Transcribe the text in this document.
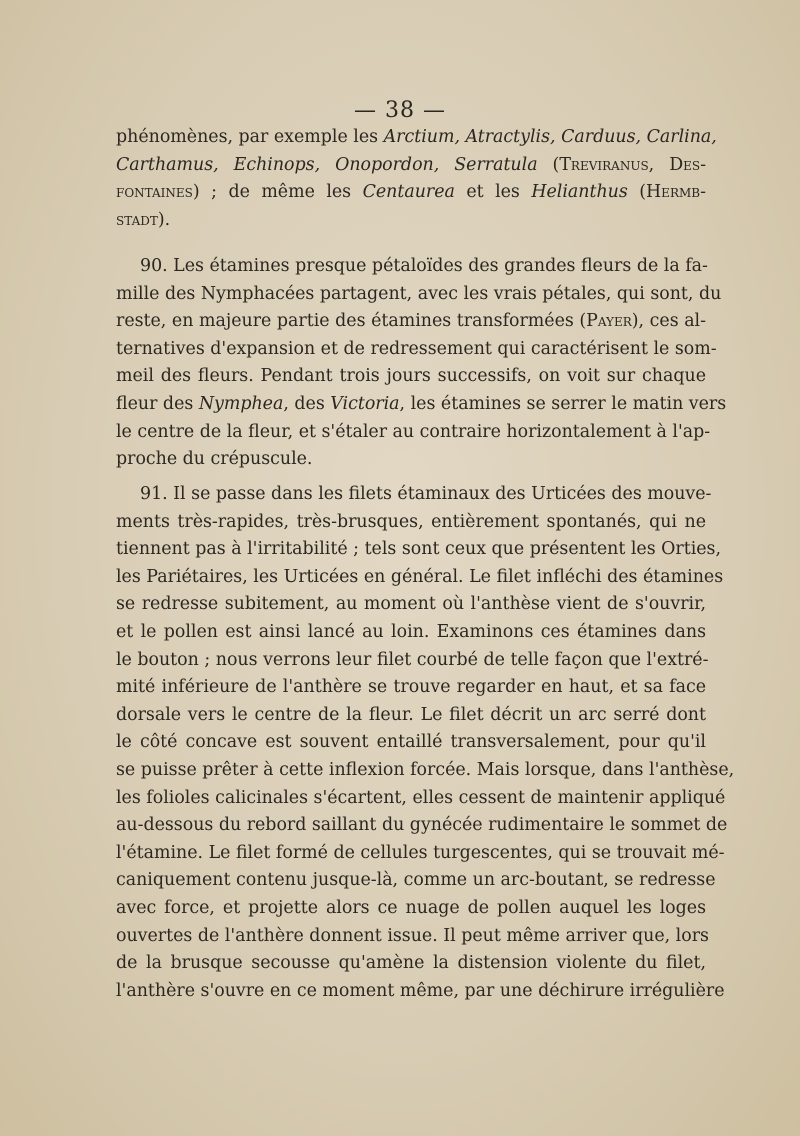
— 38 —
phénomènes, par exemple les Arctium, Atractylis, Carduus, Carlina,
Carthamus, Echinops, Onopordon, Serratula (Treviranus, Des-
fontaines) ; de même les Centaurea et les Helianthus (Hermb-
stadt).
90. Les étamines presque pétaloïdes des grandes fleurs de la fa-
mille des Nymphacées partagent, avec les vrais pétales, qui sont, du
reste, en majeure partie des étamines transformées (Payer), ces al-
ternatives d'expansion et de redressement qui caractérisent le som-
meil des fleurs. Pendant trois jours successifs, on voit sur chaque
fleur des Nymphea, des Victoria, les étamines se serrer le matin vers
le centre de la fleur, et s'étaler au contraire horizontalement à l'ap-
proche du crépuscule.
91. Il se passe dans les filets étaminaux des Urticées des mouve-
ments très-rapides, très-brusques, entièrement spontanés, qui ne
tiennent pas à l'irritabilité ; tels sont ceux que présentent les Orties,
les Pariétaires, les Urticées en général. Le filet infléchi des étamines
se redresse subitement, au moment où l'anthèse vient de s'ouvrir,
et le pollen est ainsi lancé au loin. Examinons ces étamines dans
le bouton ; nous verrons leur filet courbé de telle façon que l'extré-
mité inférieure de l'anthère se trouve regarder en haut, et sa face
dorsale vers le centre de la fleur. Le filet décrit un arc serré dont
le côté concave est souvent entaillé transversalement, pour qu'il
se puisse prêter à cette inflexion forcée. Mais lorsque, dans l'anthèse,
les folioles calicinales s'écartent, elles cessent de maintenir appliqué
au-dessous du rebord saillant du gynécée rudimentaire le sommet de
l'étamine. Le filet formé de cellules turgescentes, qui se trouvait mé-
caniquement contenu jusque-là, comme un arc-boutant, se redresse
avec force, et projette alors ce nuage de pollen auquel les loges
ouvertes de l'anthère donnent issue. Il peut même arriver que, lors
de la brusque secousse qu'amène la distension violente du filet,
l'anthère s'ouvre en ce moment même, par une déchirure irrégulière
